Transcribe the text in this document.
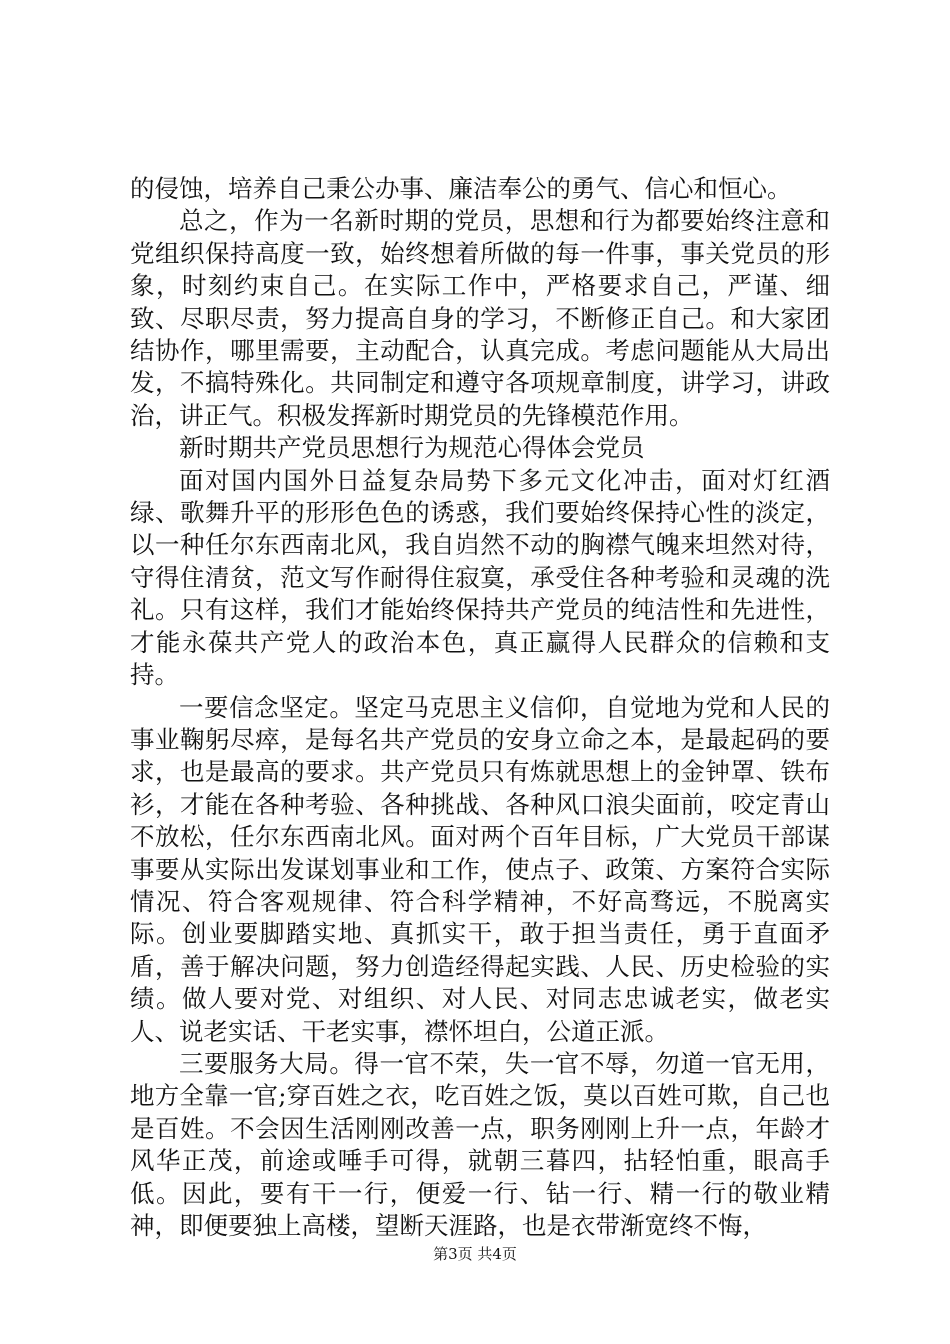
的侵蚀，培养自己秉公办事、廉洁奉公的勇气、信心和恒心。

总之，作为一名新时期的党员，思想和行为都要始终注意和党组织保持高度一致，始终想着所做的每一件事，事关党员的形象，时刻约束自己。在实际工作中，严格要求自己，严谨、细致、尽职尽责，努力提高自身的学习，不断修正自己。和大家团结协作，哪里需要，主动配合，认真完成。考虑问题能从大局出发，不搞特殊化。共同制定和遵守各项规章制度，讲学习，讲政治，讲正气。积极发挥新时期党员的先锋模范作用。

新时期共产党员思想行为规范心得体会党员

面对国内国外日益复杂局势下多元文化冲击，面对灯红酒绿、歌舞升平的形形色色的诱惑，我们要始终保持心性的淡定，以一种任尔东西南北风，我自岿然不动的胸襟气魄来坦然对待，守得住清贫，范文写作耐得住寂寞，承受住各种考验和灵魂的洗礼。只有这样，我们才能始终保持共产党员的纯洁性和先进性，才能永葆共产党人的政治本色，真正赢得人民群众的信赖和支持。

一要信念坚定。坚定马克思主义信仰，自觉地为党和人民的事业鞠躬尽瘁，是每名共产党员的安身立命之本，是最起码的要求，也是最高的要求。共产党员只有炼就思想上的金钟罩、铁布衫，才能在各种考验、各种挑战、各种风口浪尖面前，咬定青山不放松，任尔东西南北风。面对两个百年目标，广大党员干部谋事要从实际出发谋划事业和工作，使点子、政策、方案符合实际情况、符合客观规律、符合科学精神，不好高骛远，不脱离实际。创业要脚踏实地、真抓实干，敢于担当责任，勇于直面矛盾，善于解决问题，努力创造经得起实践、人民、历史检验的实绩。做人要对党、对组织、对人民、对同志忠诚老实，做老实人、说老实话、干老实事，襟怀坦白，公道正派。

三要服务大局。得一官不荣，失一官不辱，勿道一官无用，地方全靠一官;穿百姓之衣，吃百姓之饭，莫以百姓可欺，自己也是百姓。不会因生活刚刚改善一点，职务刚刚上升一点，年龄才风华正茂，前途或唾手可得，就朝三暮四，拈轻怕重，眼高手低。因此，要有干一行，便爱一行、钻一行、精一行的敬业精神，即便要独上高楼，望断天涯路，也是衣带渐宽终不悔，

第3页 共4页
